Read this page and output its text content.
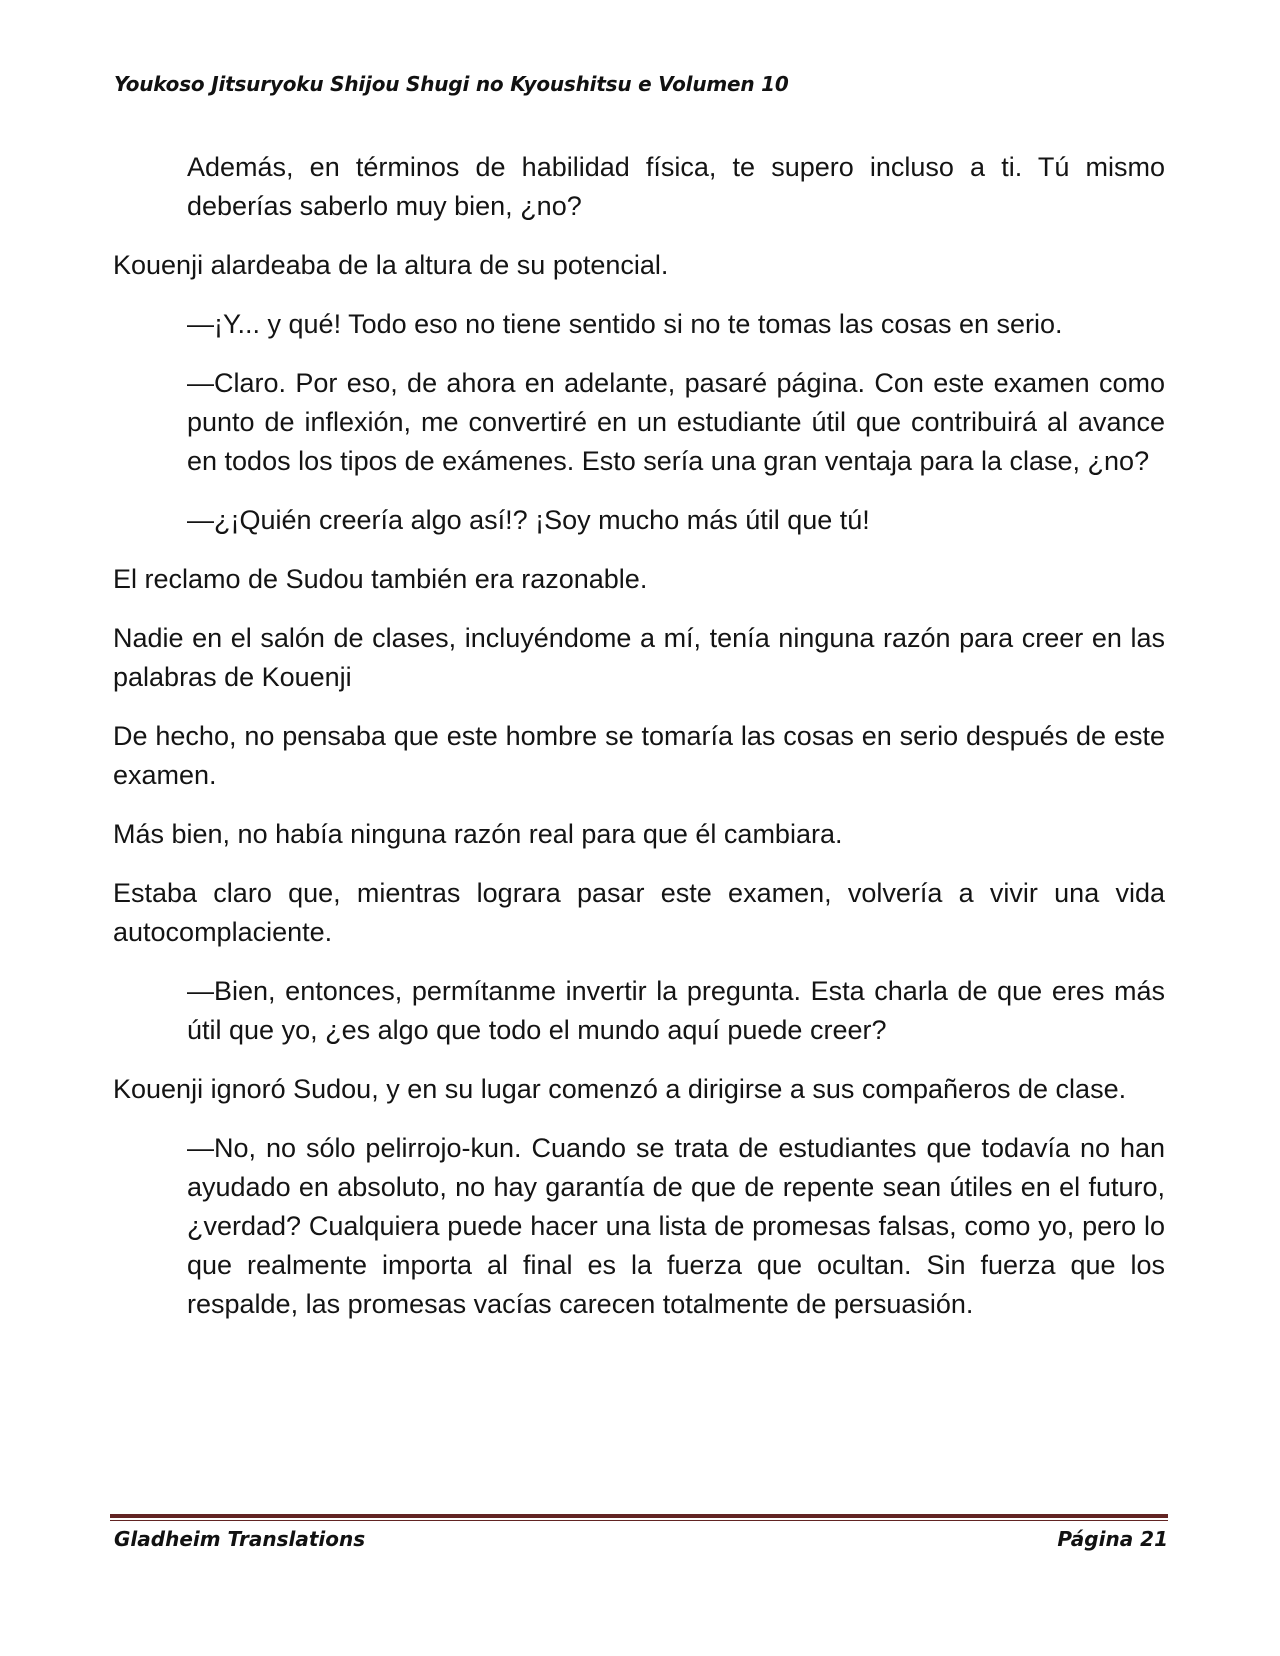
Youkoso Jitsuryoku Shijou Shugi no Kyoushitsu e Volumen 10

Además, en términos de habilidad física, te supero incluso a ti. Tú mismo deberías saberlo muy bien, ¿no?

Kouenji alardeaba de la altura de su potencial.

—¡Y... y qué! Todo eso no tiene sentido si no te tomas las cosas en serio.

—Claro. Por eso, de ahora en adelante, pasaré página. Con este examen como punto de inflexión, me convertiré en un estudiante útil que contribuirá al avance en todos los tipos de exámenes. Esto sería una gran ventaja para la clase, ¿no?

—¿¡Quién creería algo así!? ¡Soy mucho más útil que tú!

El reclamo de Sudou también era razonable.

Nadie en el salón de clases, incluyéndome a mí, tenía ninguna razón para creer en las palabras de Kouenji

De hecho, no pensaba que este hombre se tomaría las cosas en serio después de este examen.

Más bien, no había ninguna razón real para que él cambiara.

Estaba claro que, mientras lograra pasar este examen, volvería a vivir una vida autocomplaciente.

—Bien, entonces, permítanme invertir la pregunta. Esta charla de que eres más útil que yo, ¿es algo que todo el mundo aquí puede creer?

Kouenji ignoró Sudou, y en su lugar comenzó a dirigirse a sus compañeros de clase.

—No, no sólo pelirrojo-kun. Cuando se trata de estudiantes que todavía no han ayudado en absoluto, no hay garantía de que de repente sean útiles en el futuro, ¿verdad? Cualquiera puede hacer una lista de promesas falsas, como yo, pero lo que realmente importa al final es la fuerza que ocultan. Sin fuerza que los respalde, las promesas vacías carecen totalmente de persuasión.

Gladheim Translations	Página 21
